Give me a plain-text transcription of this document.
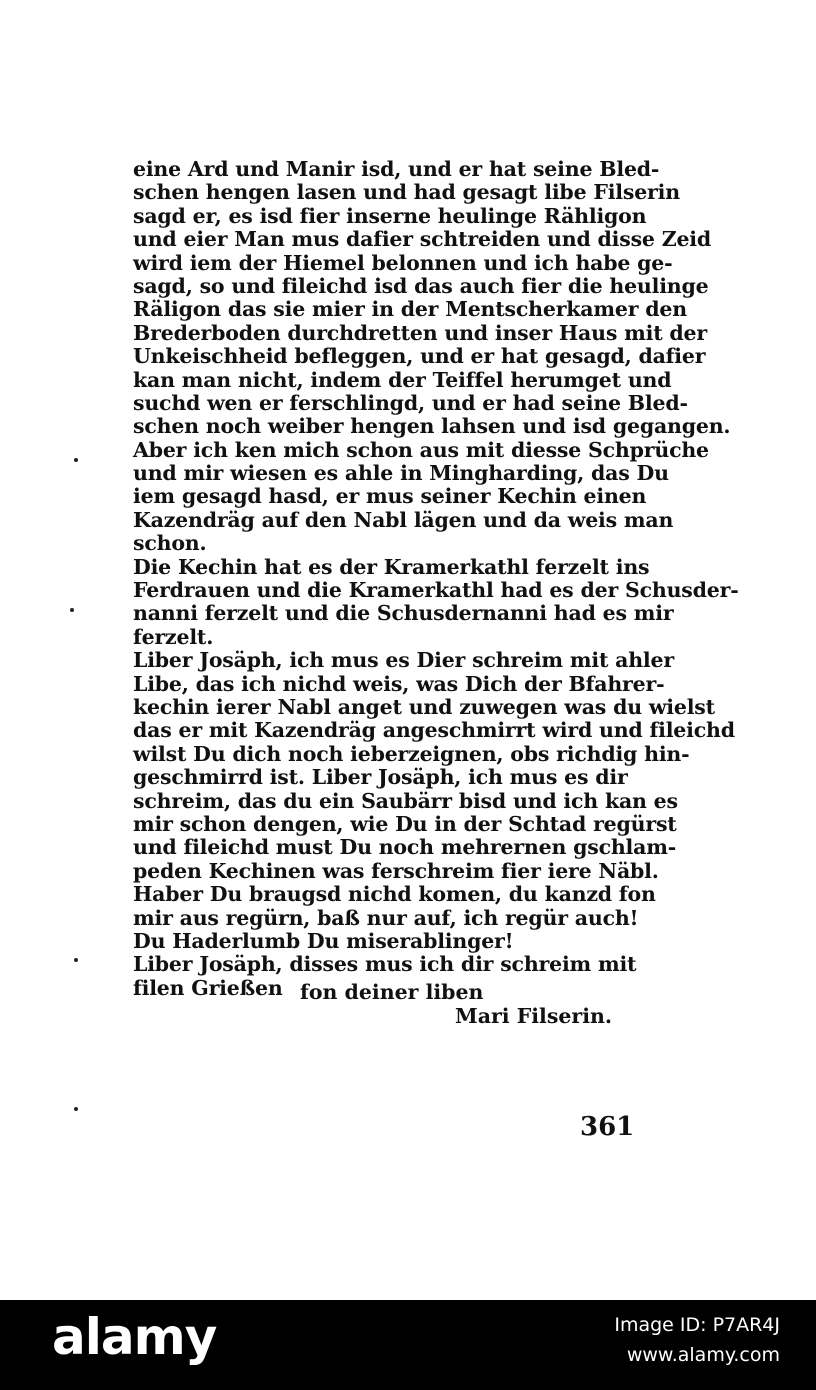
eine Ard und Manir isd, und er hat seine Bled-
schen hengen lasen und had gesagt libe Filserin
sagd er, es isd fier inserne heulinge Rähligon
und eier Man mus dafier schtreiden und disse Zeid
wird iem der Hiemel belonnen und ich habe ge-
sagd, so und fileichd isd das auch fier die heulinge
Räligon das sie mier in der Mentscherkamer den
Brederboden durchdretten und inser Haus mit der
Unkeischheid befleggen, und er hat gesagd, dafier
kan man nicht, indem der Teiffel herumget und
suchd wen er ferschlingd, und er had seine Bled-
schen noch weiber hengen lahsen und isd gegangen.
Aber ich ken mich schon aus mit diesse Schprüche
und mir wiesen es ahle in Mingharding, das Du
iem gesagd hasd, er mus seiner Kechin einen
Kazendräg auf den Nabl lägen und da weis man
schon.
Die Kechin hat es der Kramerkathl ferzelt ins
Ferdrauen und die Kramerkathl had es der Schusder-
nanni ferzelt und die Schusdernanni had es mir
ferzelt.
Liber Josäph, ich mus es Dier schreim mit ahler
Libe, das ich nichd weis, was Dich der Bfahrer-
kechin ierer Nabl anget und zuwegen was du wielst
das er mit Kazendräg angeschmirrt wird und fileichd
wilst Du dich noch ieberzeignen, obs richdig hin-
geschmirrd ist. Liber Josäph, ich mus es dir
schreim, das du ein Saubärr bisd und ich kan es
mir schon dengen, wie Du in der Schtad regürst
und fileichd must Du noch mehrernen gschlam-
peden Kechinen was ferschreim fier iere Näbl.
Haber Du braugsd nichd komen, du kanzd fon
mir aus regürn, baß nur auf, ich regür auch!
Du Haderlumb Du miserablinger!
Liber Josäph, disses mus ich dir schreim mit
filen Grießen fon deiner liben
Mari Filserin.
361
alamy	Image ID: P7AR4J
www.alamy.com
